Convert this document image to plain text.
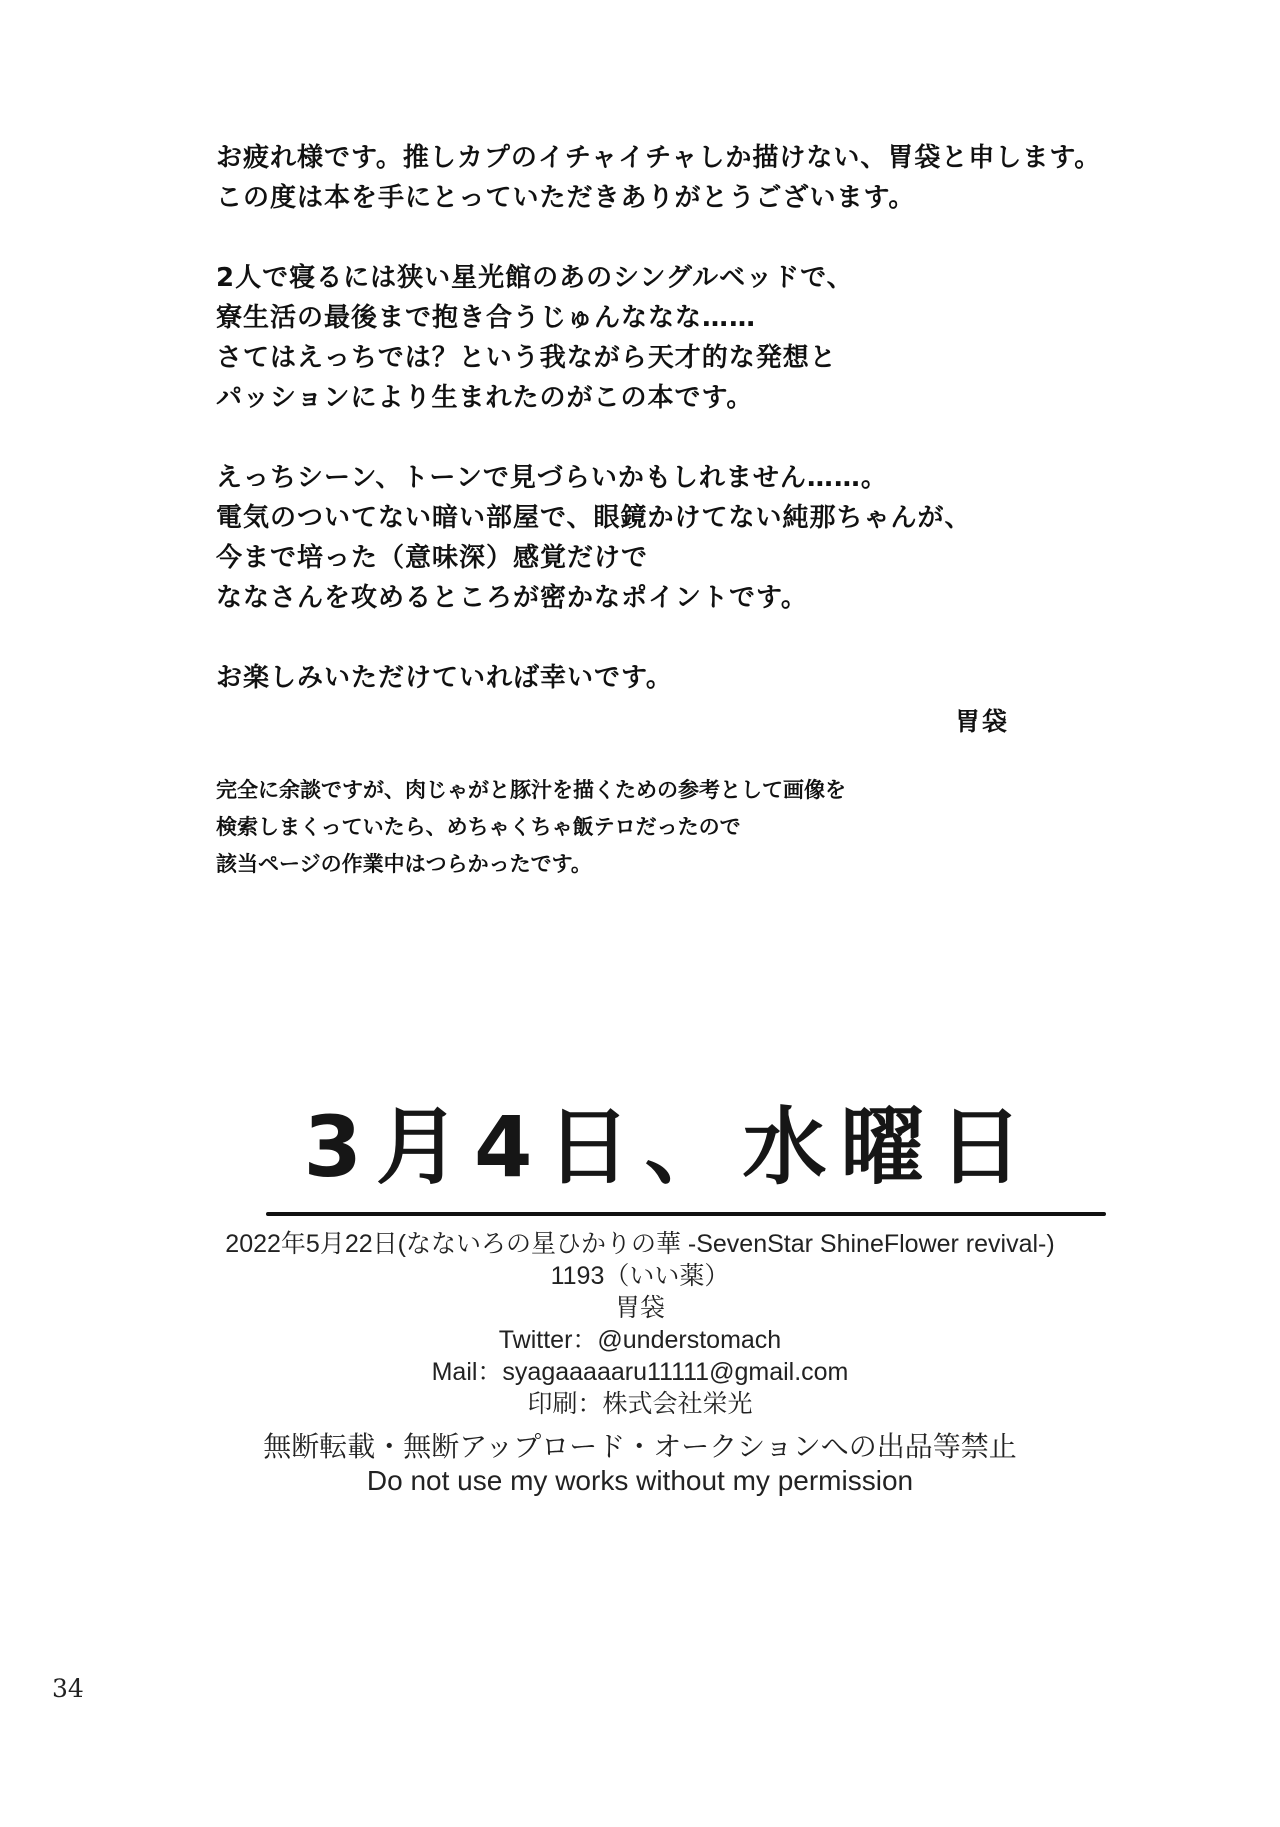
お疲れ様です。推しカプのイチャイチャしか描けない、胃袋と申します。

この度は本を手にとっていただきありがとうございます。

2人で寝るには狭い星光館のあのシングルベッドで、

寮生活の最後まで抱き合うじゅんななな……

さてはえっちでは？という我ながら天才的な発想と

パッションにより生まれたのがこの本です。

えっちシーン、トーンで見づらいかもしれません……。

電気のついてない暗い部屋で、眼鏡かけてない純那ちゃんが、

今まで培った（意味深）感覚だけで

ななさんを攻めるところが密かなポイントです。

お楽しみいただけていれば幸いです。

胃袋

完全に余談ですが、肉じゃがと豚汁を描くための参考として画像を

検索しまくっていたら、めちゃくちゃ飯テロだったので

該当ページの作業中はつらかったです。

3月4日、水曜日
2022年5月22日(なないろの星ひかりの華 -SevenStar ShineFlower revival-)
1193（いい薬）
胃袋
Twitter：@understomach
Mail：syagaaaaaru11111@gmail.com
印刷：株式会社栄光
無断転載・無断アップロード・オークションへの出品等禁止
Do not use my works without my permission
34
